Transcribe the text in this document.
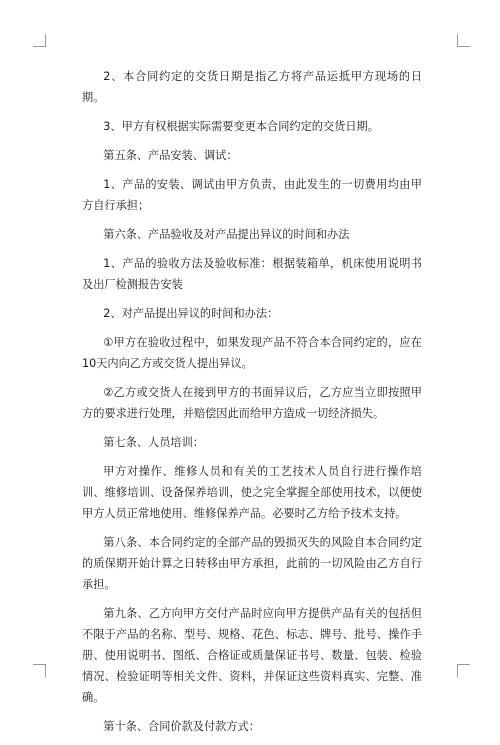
2、本合同约定的交货日期是指乙方将产品运抵甲方现场的日期。

3、甲方有权根据实际需要变更本合同约定的交货日期。

第五条、产品安装、调试：

1、产品的安装、调试由甲方负责，由此发生的一切费用均由甲方自行承担；

第六条、产品验收及对产品提出异议的时间和办法

1、产品的验收方法及验收标准：根据装箱单，机床使用说明书及出厂检测报告安装

2、对产品提出异议的时间和办法：

①甲方在验收过程中，如果发现产品不符合本合同约定的，应在10天内向乙方或交货人提出异议。

②乙方或交货人在接到甲方的书面异议后，乙方应当立即按照甲方的要求进行处理，并赔偿因此而给甲方造成一切经济损失。

第七条、人员培训：

甲方对操作、维修人员和有关的工艺技术人员自行进行操作培训、维修培训、设备保养培训，使之完全掌握全部使用技术，以便使甲方人员正常地使用、维修保养产品。必要时乙方给予技术支持。

第八条、本合同约定的全部产品的毁损灭失的风险自本合同约定的质保期开始计算之日转移由甲方承担，此前的一切风险由乙方自行承担。

第九条、乙方向甲方交付产品时应向甲方提供产品有关的包括但不限于产品的名称、型号、规格、花色、标志、牌号、批号、操作手册、使用说明书、图纸、合格证或质量保证书号、数量、包装、检验情况、检验证明等相关文件、资料，并保证这些资料真实、完整、准确。

第十条、合同价款及付款方式：
